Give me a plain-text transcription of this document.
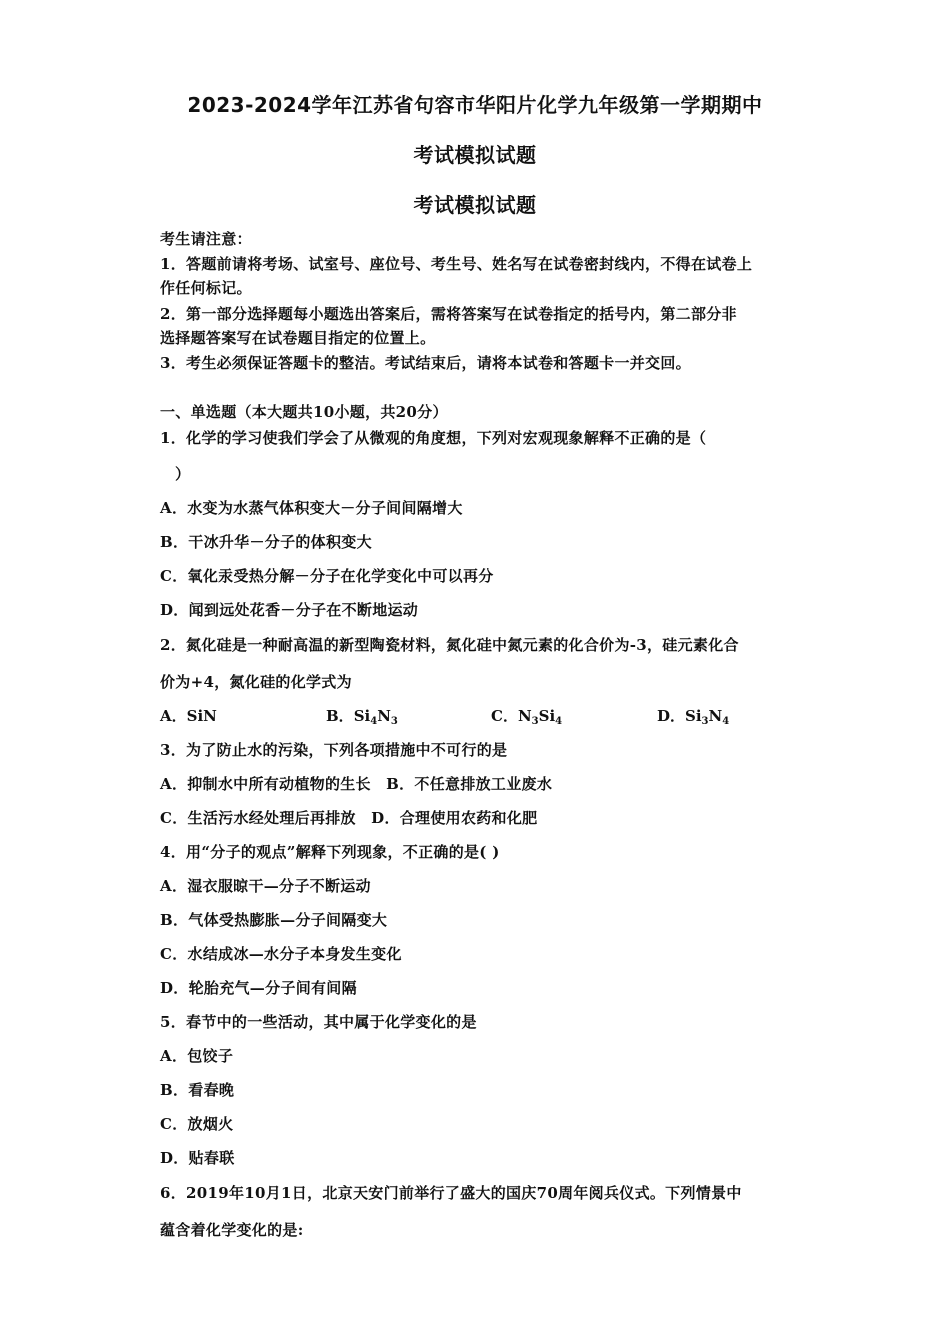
2023-2024学年江苏省句容市华阳片化学九年级第一学期期中
考试模拟试题
考试模拟试题
考生请注意：
1．答题前请将考场、试室号、座位号、考生号、姓名写在试卷密封线内，不得在试卷上
作任何标记。
2．第一部分选择题每小题选出答案后，需将答案写在试卷指定的括号内，第二部分非
选择题答案写在试卷题目指定的位置上。
3．考生必须保证答题卡的整洁。考试结束后，请将本试卷和答题卡一并交回。
一、单选题（本大题共10小题，共20分）
1．化学的学习使我们学会了从微观的角度想，下列对宏观现象解释不正确的是（
）
A．水变为水蒸气体积变大－分子间间隔增大
B．干冰升华－分子的体积变大
C．氧化汞受热分解－分子在化学变化中可以再分
D．闻到远处花香－分子在不断地运动
2．氮化硅是一种耐高温的新型陶瓷材料，氮化硅中氮元素的化合价为-3，硅元素化合
价为+4，氮化硅的化学式为
A．SiN	B．$Si_4N_3$	C．$N_3Si_4$	D．$Si_3N_4$
3．为了防止水的污染，下列各项措施中不可行的是
A．抑制水中所有动植物的生长　B．不任意排放工业废水
C．生活污水经处理后再排放　D．合理使用农药和化肥
4．用“分子的观点”解释下列现象，不正确的是( )
A．湿衣服晾干—分子不断运动
B．气体受热膨胀—分子间隔变大
C．水结成冰—水分子本身发生变化
D．轮胎充气—分子间有间隔
5．春节中的一些活动，其中属于化学变化的是
A．包饺子
B．看春晚
C．放烟火
D．贴春联
6．2019年10月1日，北京天安门前举行了盛大的国庆70周年阅兵仪式。下列情景中
蕴含着化学变化的是:
